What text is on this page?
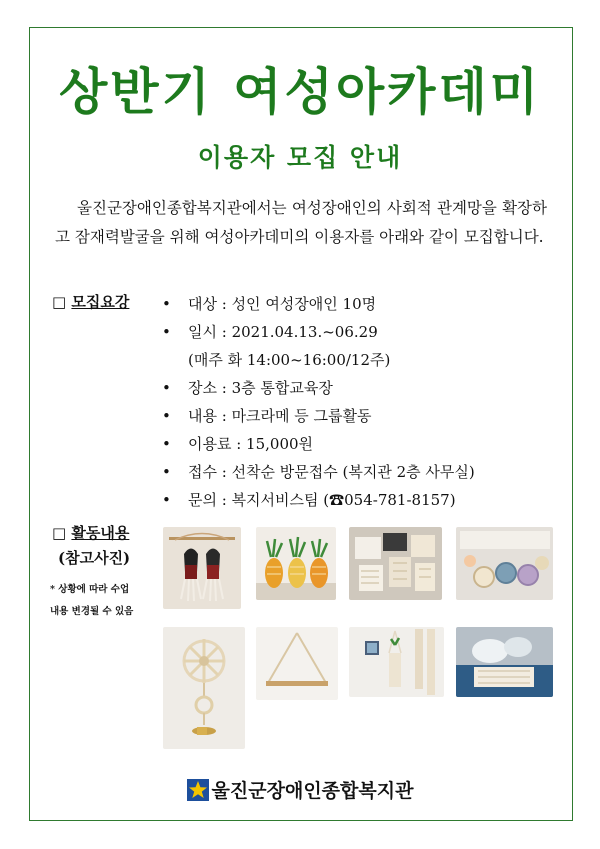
상반기 여성아카데미
이용자 모집 안내
울진군장애인종합복지관에서는 여성장애인의 사회적 관계망을 확장하고 잠재력발굴을 위해 여성아카데미의 이용자를 아래와 같이 모집합니다.
□ 모집요강 • 대상 : 성인 여성장애인 10명
• 일시 : 2021.04.13.~06.29
(매주 화 14:00~16:00/12주)
• 장소 : 3층 통합교육장
• 내용 : 마크라메 등 그룹활동
• 이용료 : 15,000원
• 접수 : 선착순 방문접수 (복지관 2층 사무실)
• 문의 : 복지서비스팀 (☎054-781-8157)
□ 활동내용
(참고사진)
* 상황에 따라 수업
내용 변경될 수 있음
울진군장애인종합복지관
